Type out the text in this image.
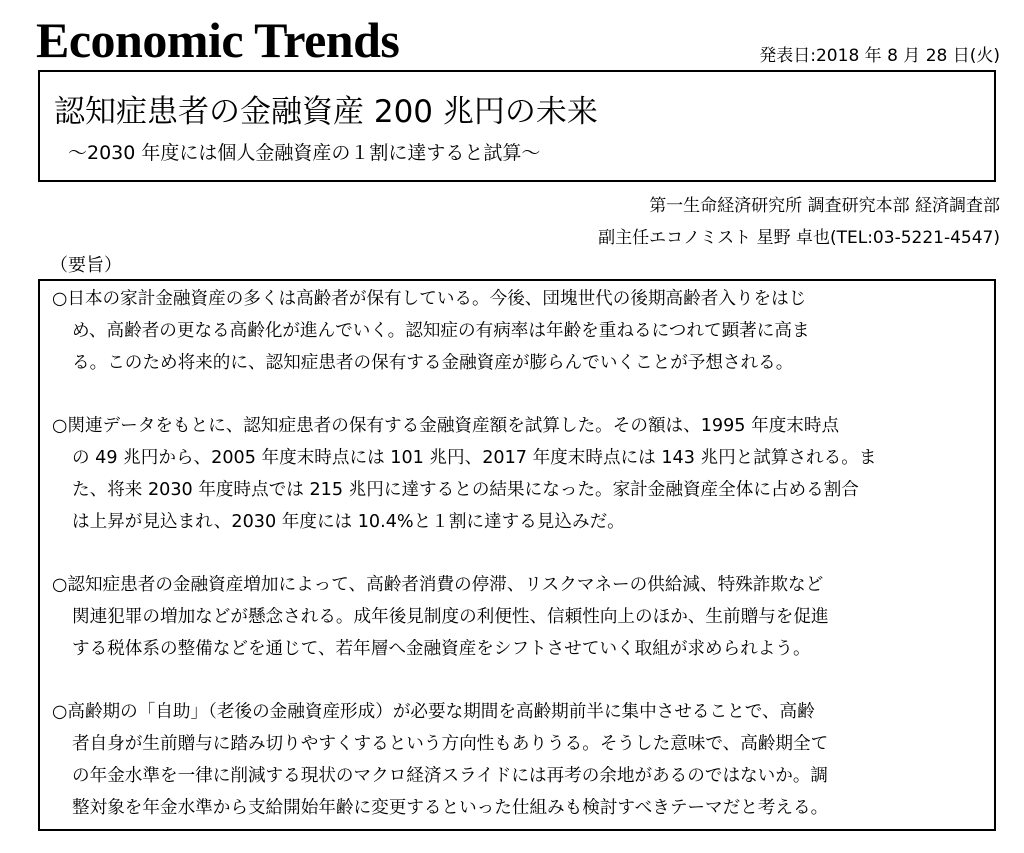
Economic Trends	発表日:2018 年 8 月 28 日(火)
認知症患者の金融資産 200 兆円の未来
～2030 年度には個人金融資産の１割に達すると試算～
第一生命経済研究所 調査研究本部 経済調査部
副主任エコノミスト 星野 卓也(TEL:03-5221-4547)
（要旨）
○日本の家計金融資産の多くは高齢者が保有している。今後、団塊世代の後期高齢者入りをはじ
め、高齢者の更なる高齢化が進んでいく。認知症の有病率は年齢を重ねるにつれて顕著に高ま
る。このため将来的に、認知症患者の保有する金融資産が膨らんでいくことが予想される。
○関連データをもとに、認知症患者の保有する金融資産額を試算した。その額は、1995 年度末時点
の 49 兆円から、2005 年度末時点には 101 兆円、2017 年度末時点には 143 兆円と試算される。ま
た、将来 2030 年度時点では 215 兆円に達するとの結果になった。家計金融資産全体に占める割合
は上昇が見込まれ、2030 年度には 10.4%と１割に達する見込みだ。
○認知症患者の金融資産増加によって、高齢者消費の停滞、リスクマネーの供給減、特殊詐欺など
関連犯罪の増加などが懸念される。成年後見制度の利便性、信頼性向上のほか、生前贈与を促進
する税体系の整備などを通じて、若年層へ金融資産をシフトさせていく取組が求められよう。
○高齢期の「自助」（老後の金融資産形成）が必要な期間を高齢期前半に集中させることで、高齢
者自身が生前贈与に踏み切りやすくするという方向性もありうる。そうした意味で、高齢期全て
の年金水準を一律に削減する現状のマクロ経済スライドには再考の余地があるのではないか。調
整対象を年金水準から支給開始年齢に変更するといった仕組みも検討すべきテーマだと考える。
